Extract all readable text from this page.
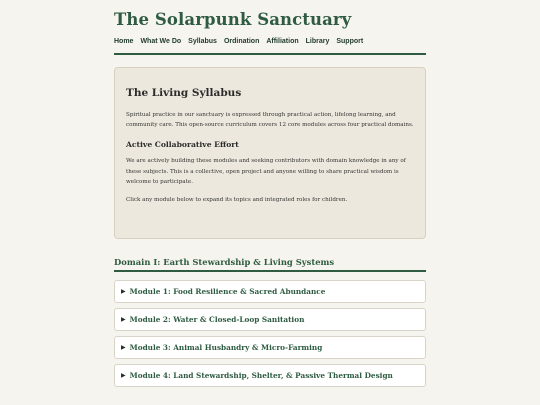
The Solarpunk Sanctuary
Home What We Do Syllabus Ordination Affiliation Library Support
The Living Syllabus

Spiritual practice in our sanctuary is expressed through practical action, lifelong learning, and community care. This open-source curriculum covers 12 core modules across four practical domains.

Active Collaborative Effort

We are actively building these modules and seeking contributors with domain knowledge in any of these subjects. This is a collective, open project and anyone willing to share practical wisdom is welcome to participate.

Click any module below to expand its topics and integrated roles for children.

Domain I: Earth Stewardship & Living Systems
▶ Module 1: Food Resilience & Sacred Abundance
▶ Module 2: Water & Closed-Loop Sanitation
▶ Module 3: Animal Husbandry & Micro-Farming
▶ Module 4: Land Stewardship, Shelter, & Passive Thermal Design
